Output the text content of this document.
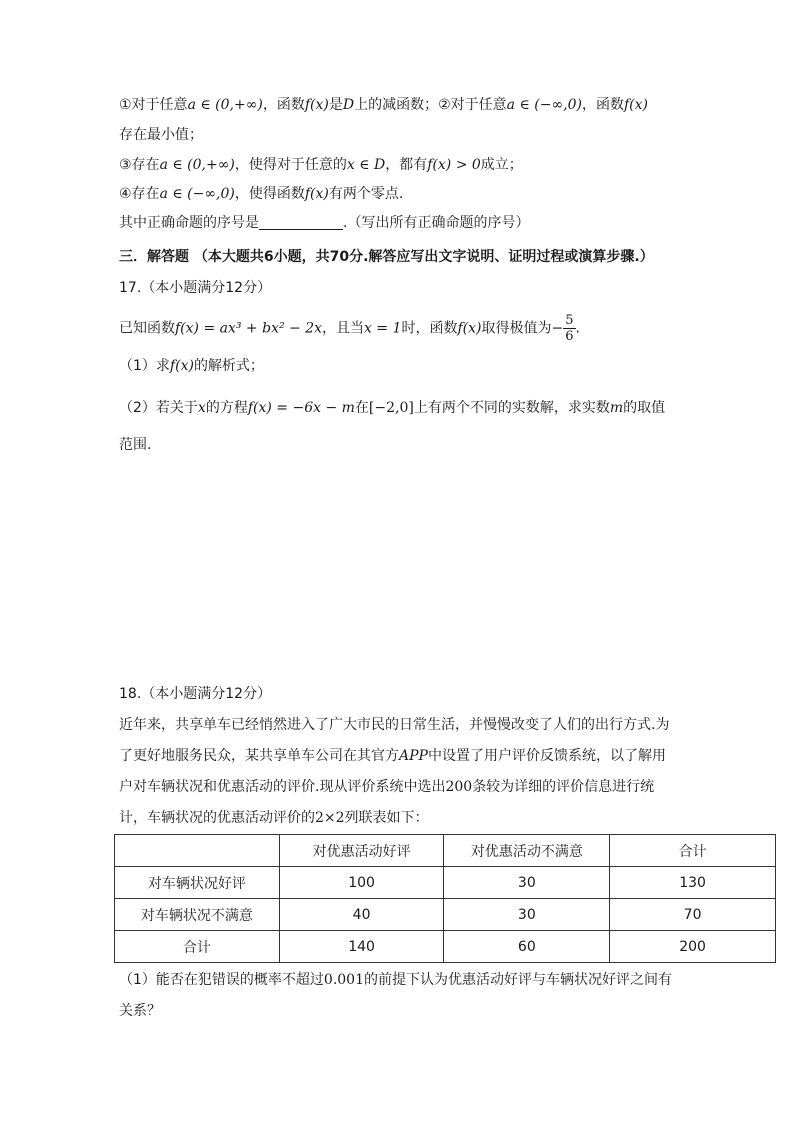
①对于任意a ∈ (0,+∞)，函数f(x)是D上的减函数；②对于任意a ∈ (−∞,0)，函数f(x)
存在最小值；
③存在a ∈ (0,+∞)，使得对于任意的x ∈ D，都有f(x) > 0成立；
④存在a ∈ (−∞,0)，使得函数f(x)有两个零点.
其中正确命题的序号是	.（写出所有正确命题的序号）
三．解答题 （本大题共6小题，共70分.解答应写出文字说明、证明过程或演算步骤.）
17.（本小题满分12分）
已知函数f(x) = ax³ + bx² − 2x，且当x = 1时，函数f(x)取得极值为− $\frac{5}{6}$ .
（1）求f(x)的解析式；
（2）若关于x的方程f(x) = −6x − m在[−2,0]上有两个不同的实数解，求实数m的取值
范围.
18.（本小题满分12分）
近年来，共享单车已经悄然进入了广大市民的日常生活，并慢慢改变了人们的出行方式.为
了更好地服务民众，某共享单车公司在其官方APP中设置了用户评价反馈系统，以了解用
户对车辆状况和优惠活动的评价.现从评价系统中选出200条较为详细的评价信息进行统
计，车辆状况的优惠活动评价的2×2列联表如下：
	对优惠活动好评	对优惠活动不满意	合计
对车辆状况好评	100	30	130
对车辆状况不满意	40	30	70
合计	140	60	200
（1）能否在犯错误的概率不超过0.001的前提下认为优惠活动好评与车辆状况好评之间有
关系？
